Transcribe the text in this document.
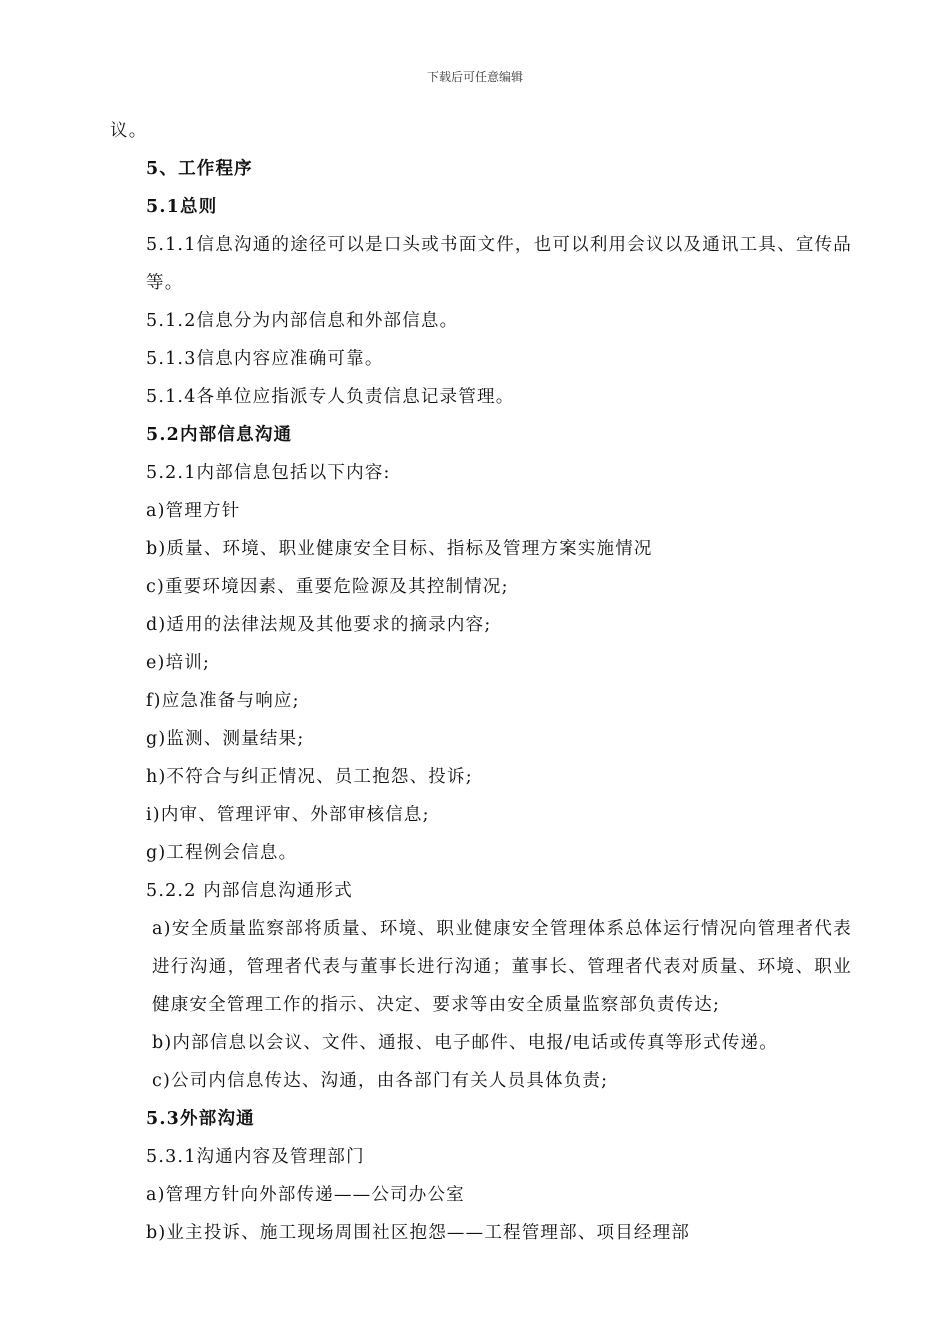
下载后可任意编辑
议。
5、工作程序
5.1总则
5.1.1信息沟通的途径可以是口头或书面文件，也可以利用会议以及通讯工具、宣传品等。
5.1.2信息分为内部信息和外部信息。
5.1.3信息内容应准确可靠。
5.1.4各单位应指派专人负责信息记录管理。
5.2内部信息沟通
5.2.1内部信息包括以下内容:
a)管理方针
b)质量、环境、职业健康安全目标、指标及管理方案实施情况
c)重要环境因素、重要危险源及其控制情况;
d)适用的法律法规及其他要求的摘录内容;
e)培训;
f)应急准备与响应;
g)监测、测量结果;
h)不符合与纠正情况、员工抱怨、投诉;
i)内审、管理评审、外部审核信息;
g)工程例会信息。
5.2.2 内部信息沟通形式
a)安全质量监察部将质量、环境、职业健康安全管理体系总体运行情况向管理者代表进行沟通，管理者代表与董事长进行沟通；董事长、管理者代表对质量、环境、职业健康安全管理工作的指示、决定、要求等由安全质量监察部负责传达;
b)内部信息以会议、文件、通报、电子邮件、电报/电话或传真等形式传递。
c)公司内信息传达、沟通，由各部门有关人员具体负责;
5.3外部沟通
5.3.1沟通内容及管理部门
a)管理方针向外部传递——公司办公室
b)业主投诉、施工现场周围社区抱怨——工程管理部、项目经理部
